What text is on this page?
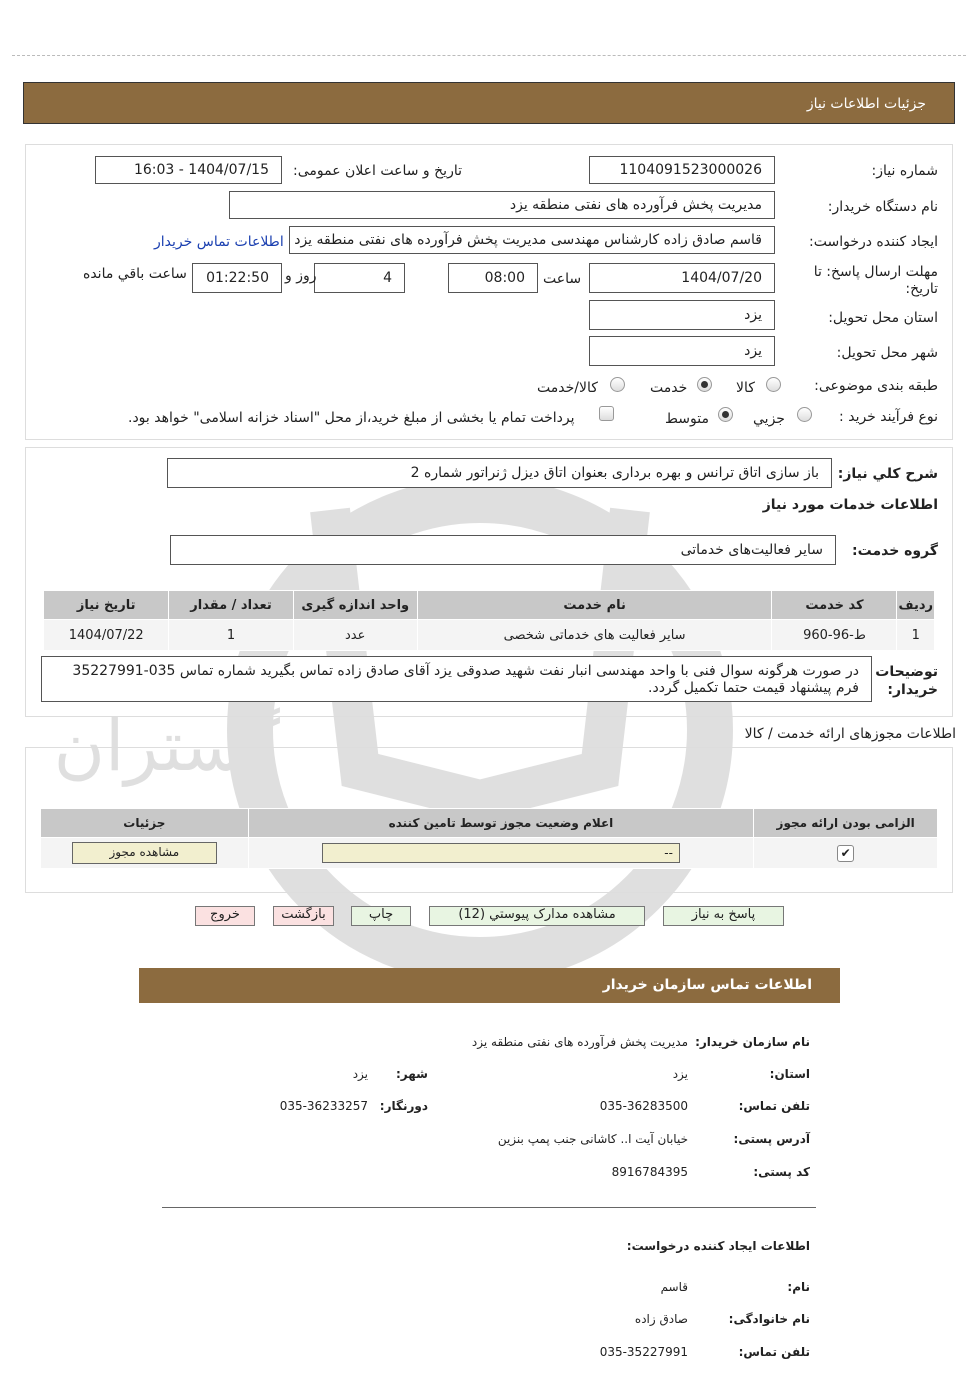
جزئیات اطلاعات نیاز
گستران
شماره نیاز:
1104091523000026
تاریخ و ساعت اعلان عمومی:
1404/07/15 - 16:03
نام دستگاه خریدار:
مدیریت پخش فرآورده های نفتی منطقه یزد
ایجاد کننده درخواست:
قاسم صادق زاده کارشناس مهندسی مدیریت پخش فرآورده های نفتی منطقه یزد
اطلاعات تماس خریدار
مهلت ارسال پاسخ: تا تاریخ:
1404/07/20
ساعت
08:00
4
روز و
01:22:50
ساعت باقي مانده
استان محل تحویل:
یزد
شهر محل تحویل:
یزد
طبقه بندی موضوعی:
کالا
خدمت
کالا/خدمت
نوع فرآیند خرید :
جزيي
متوسط
پرداخت تمام یا بخشی از مبلغ خرید،از محل "اسناد خزانه اسلامی" خواهد بود.
شرح كلي نياز:
باز سازی اتاق ترانس و بهره برداری بعنوان اتاق دیزل ژنراتور شماره 2
اطلاعات خدمات مورد نیاز
گروه خدمت:
سایر فعالیت‌های خدماتی
ردیف	کد خدمت	نام خدمت	واحد اندازه گیری	تعداد / مقدار	تاریخ نیاز
1	ط-96-960	سایر فعالیت های خدماتی شخصی	عدد	1	1404/07/22
توضیحات خریدار:
در صورت هرگونه سوال فنی با واحد مهندسی انبار نفت شهید صدوقی یزد آقای صادق زاده تماس بگیرید شماره تماس 035-35227991 فرم پیشنهاد قیمت حتما تکمیل گردد.
اطلاعات مجوزهای ارائه خدمت / کالا
الزامی بودن ارائه مجوز	اعلام وضعیت مجوز توسط تامین کننده	جزئیات
✔	--	مشاهده مجوز
پاسخ به نیاز
مشاهده مدارک پیوستي (12)
چاپ
بازگشت
خروج
اطلاعات تماس سازمان خریدار
نام سازمان خریدار:
مدیریت پخش فرآورده های نفتی منطقه یزد
استان:
یزد
شهر:
یزد
تلفن تماس:
035-36283500
دورنگار:
035-36233257
آدرس پستی:
خیابان آیت ا.. کاشانی جنب پمپ بنزین
کد پستی:
8916784395
اطلاعات ایجاد کننده درخواست:
نام:
قاسم
نام خانوادگی:
صادق زاده
تلفن تماس:
035-35227991
